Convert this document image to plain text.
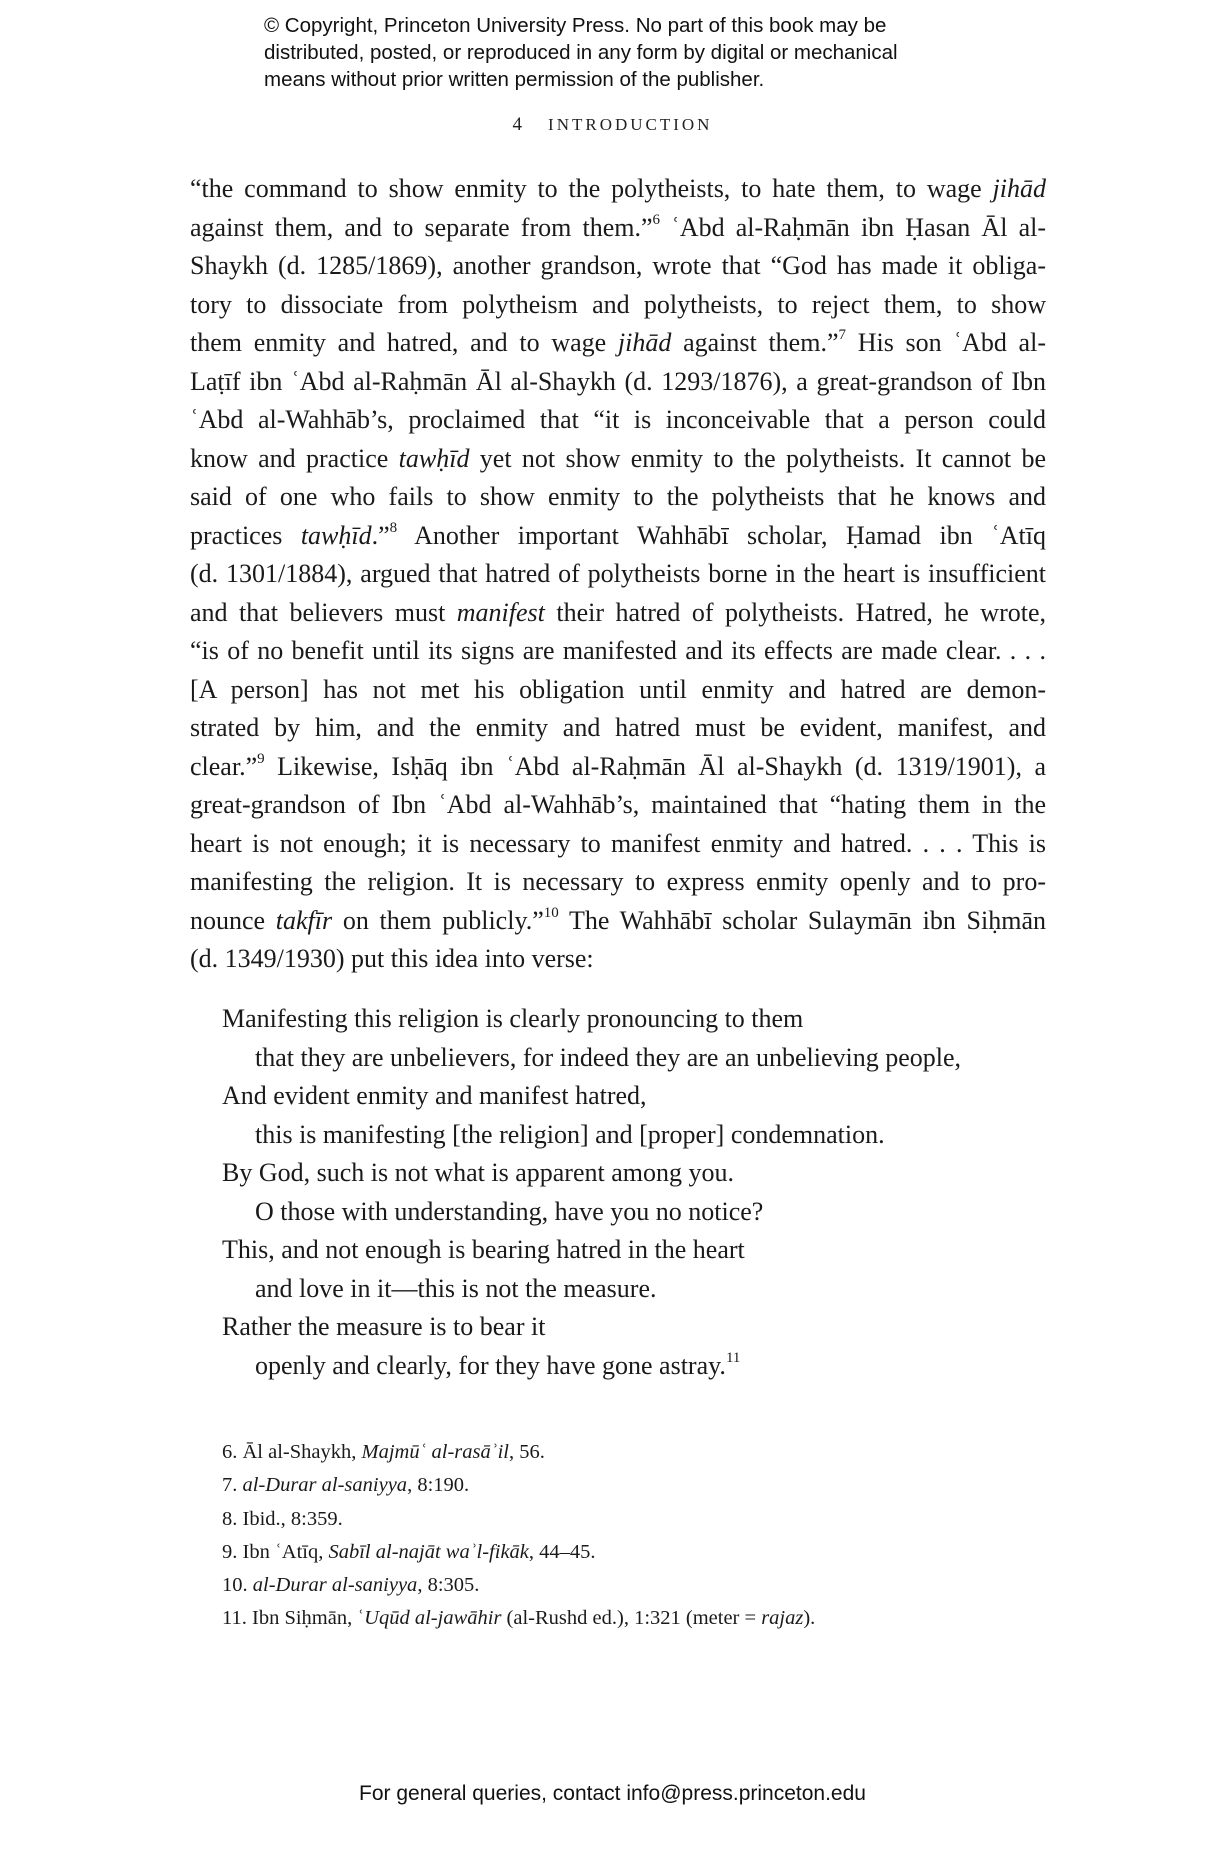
© Copyright, Princeton University Press. No part of this book may be
distributed, posted, or reproduced in any form by digital or mechanical
means without prior written permission of the publisher.
4 INTRODUCTION
“the command to show enmity to the polytheists, to hate them, to wage jihād
against them, and to separate from them.”$^6$ ʿAbd al-Raḥmān ibn Ḥasan Āl al-
Shaykh (d. 1285/1869), another grandson, wrote that “God has made it obliga-
tory to dissociate from polytheism and polytheists, to reject them, to show
them enmity and hatred, and to wage jihād against them.”$^7$ His son ʿAbd al-
Laṭīf ibn ʿAbd al-Raḥmān Āl al-Shaykh (d. 1293/1876), a great-grandson of Ibn
ʿAbd al-Wahhāb’s, proclaimed that “it is inconceivable that a person could
know and practice tawḥīd yet not show enmity to the polytheists. It cannot be
said of one who fails to show enmity to the polytheists that he knows and
practices tawḥīd.”$^8$ Another important Wahhābī scholar, Ḥamad ibn ʿAtīq
(d. 1301/1884), argued that hatred of polytheists borne in the heart is insufficient
and that believers must manifest their hatred of polytheists. Hatred, he wrote,
“is of no benefit until its signs are manifested and its effects are made clear. . . .
[A person] has not met his obligation until enmity and hatred are demon-
strated by him, and the enmity and hatred must be evident, manifest, and
clear.”$^9$ Likewise, Isḥāq ibn ʿAbd al-Raḥmān Āl al-Shaykh (d. 1319/1901), a
great-grandson of Ibn ʿAbd al-Wahhāb’s, maintained that “hating them in the
heart is not enough; it is necessary to manifest enmity and hatred. . . . This is
manifesting the religion. It is necessary to express enmity openly and to pro-
nounce takfīr on them publicly.”$^{10}$ The Wahhābī scholar Sulaymān ibn Siḥmān
(d. 1349/1930) put this idea into verse:
Manifesting this religion is clearly pronouncing to them
that they are unbelievers, for indeed they are an unbelieving people,
And evident enmity and manifest hatred,
this is manifesting [the religion] and [proper] condemnation.
By God, such is not what is apparent among you.
O those with understanding, have you no notice?
This, and not enough is bearing hatred in the heart
and love in it—this is not the measure.
Rather the measure is to bear it
openly and clearly, for they have gone astray.$^{11}$
6. Āl al-Shaykh, Majmūʿ al-rasāʾil, 56.
7. al-Durar al-saniyya, 8:190.
8. Ibid., 8:359.
9. Ibn ʿAtīq, Sabīl al-najāt waʾl-fikāk, 44–45.
10. al-Durar al-saniyya, 8:305.
11. Ibn Siḥmān, ʿUqūd al-jawāhir (al-Rushd ed.), 1:321 (meter = rajaz).
For general queries, contact info@press.princeton.edu
